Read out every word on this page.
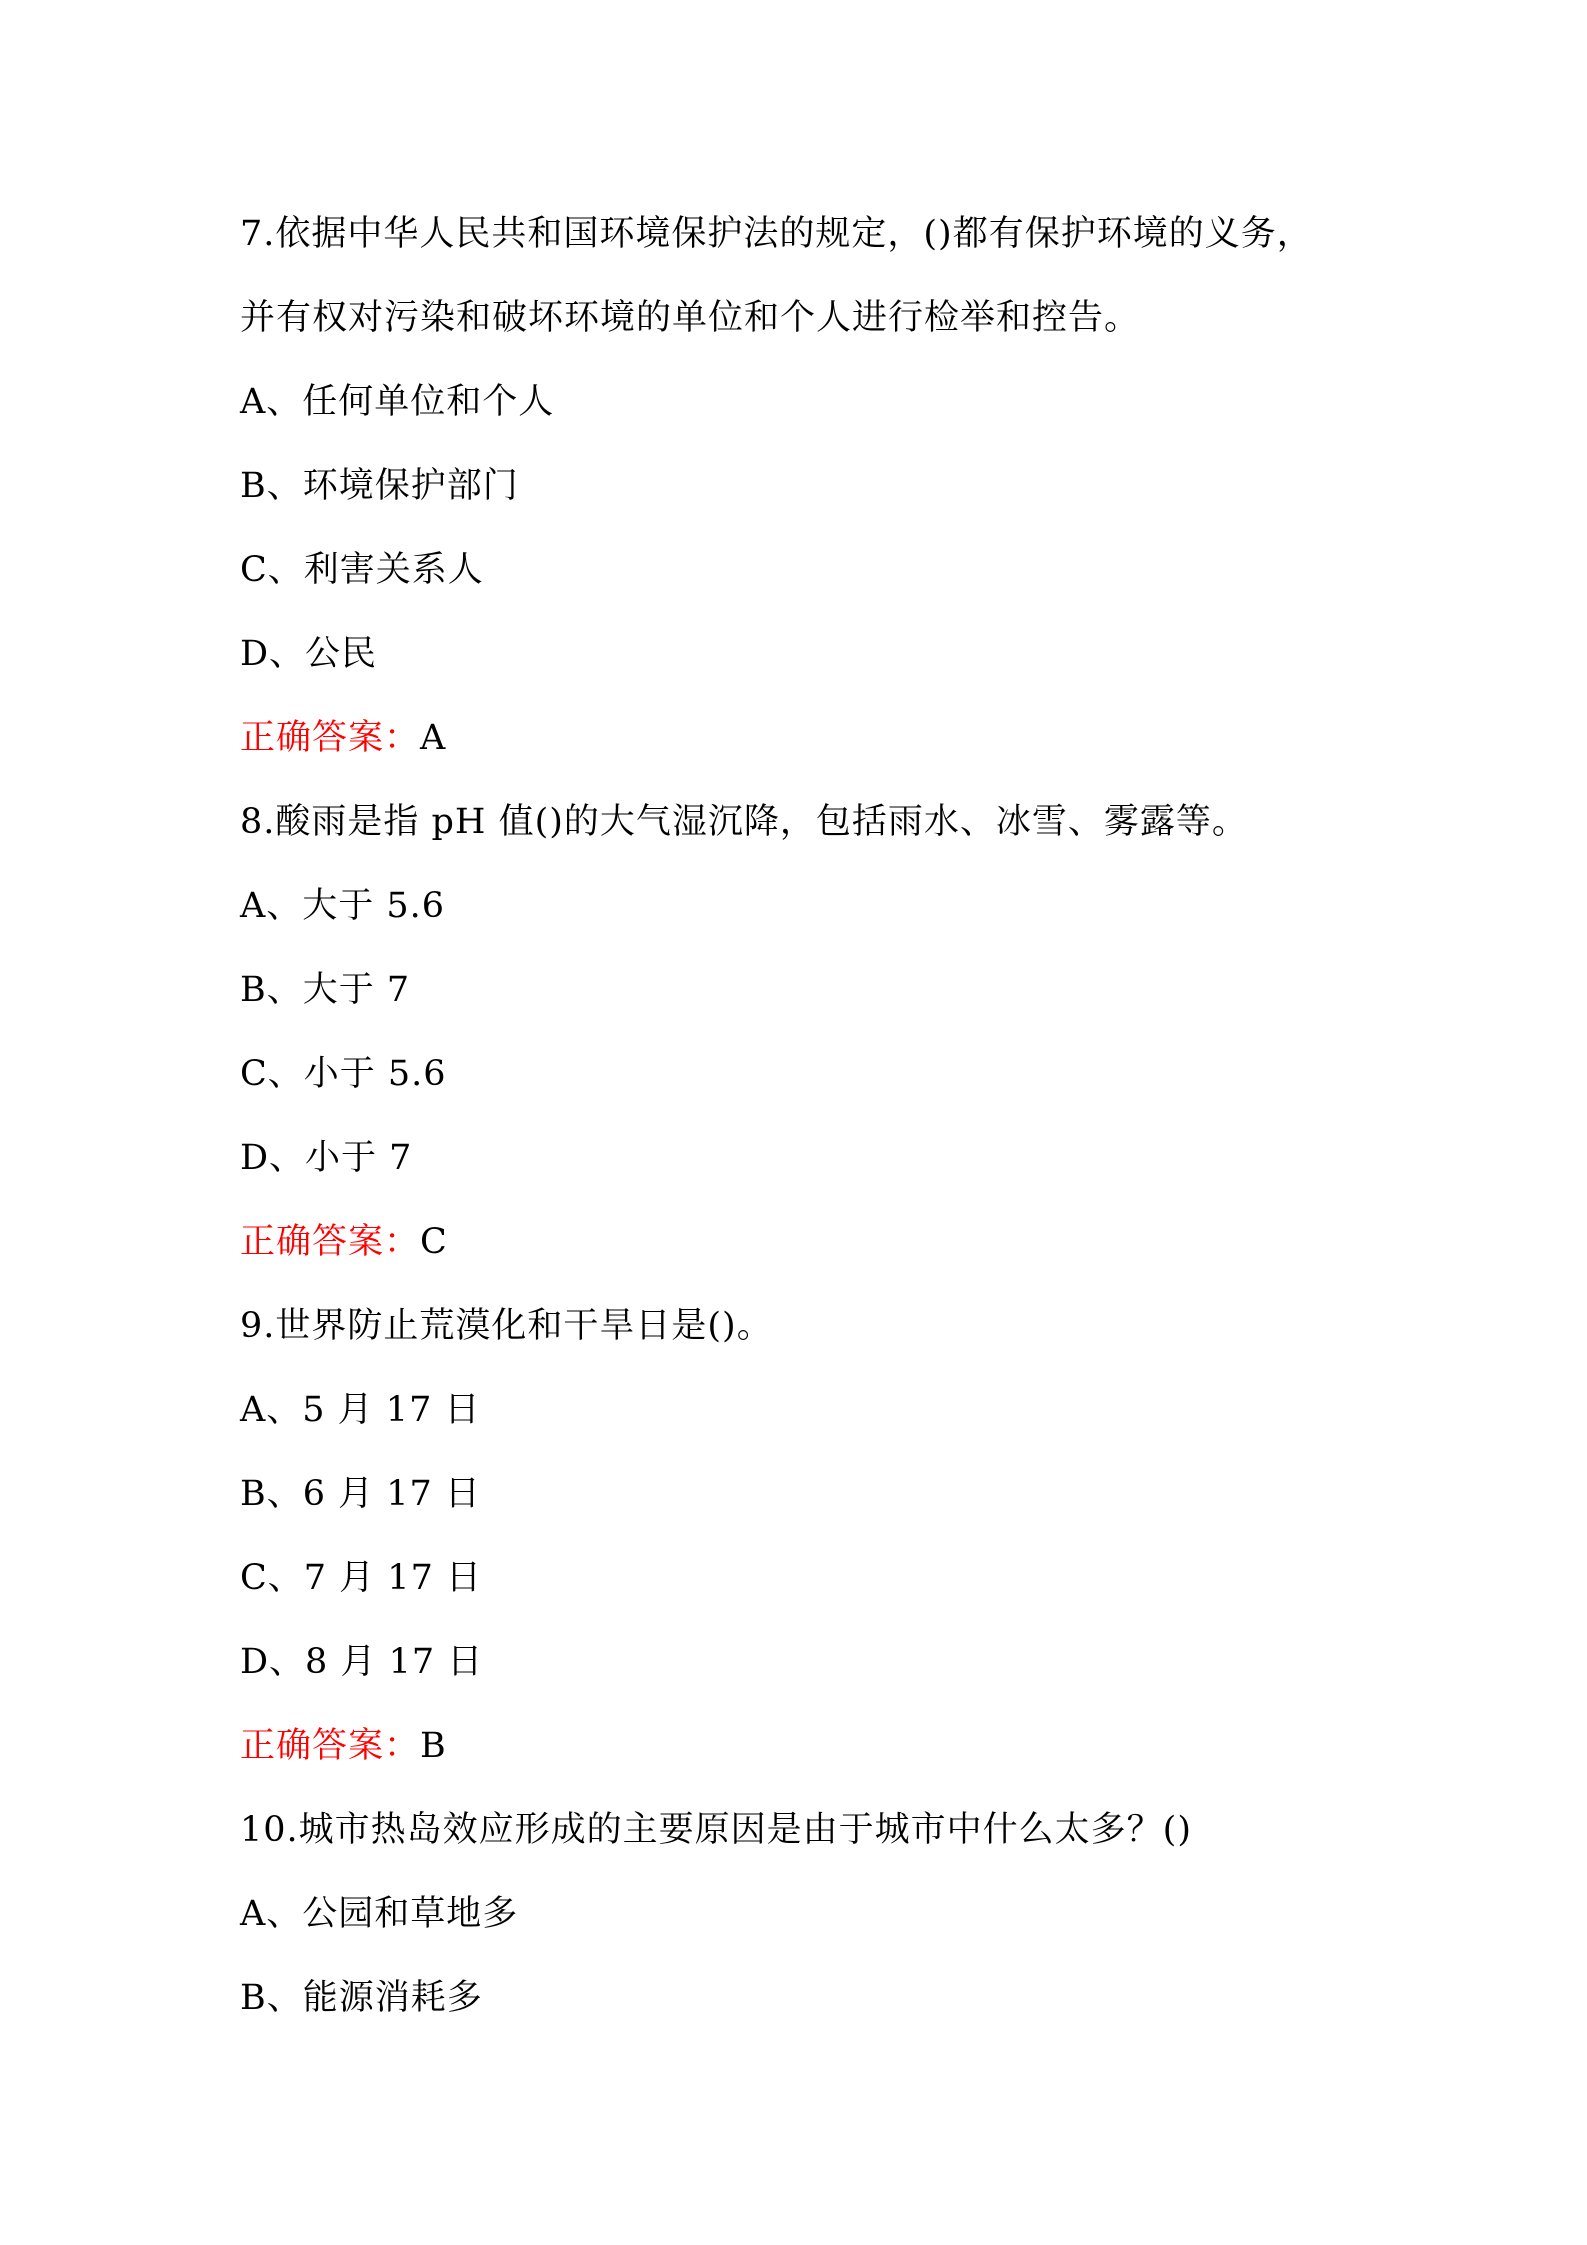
7.依据中华人民共和国环境保护法的规定，()都有保护环境的义务，
并有权对污染和破坏环境的单位和个人进行检举和控告。
A、任何单位和个人
B、环境保护部门
C、利害关系人
D、公民
正确答案：A
8.酸雨是指 pH 值()的大气湿沉降，包括雨水、冰雪、雾露等。
A、大于 5.6
B、大于 7
C、小于 5.6
D、小于 7
正确答案：C
9.世界防止荒漠化和干旱日是()。
A、5 月 17 日
B、6 月 17 日
C、7 月 17 日
D、8 月 17 日
正确答案：B
10.城市热岛效应形成的主要原因是由于城市中什么太多？()
A、公园和草地多
B、能源消耗多
